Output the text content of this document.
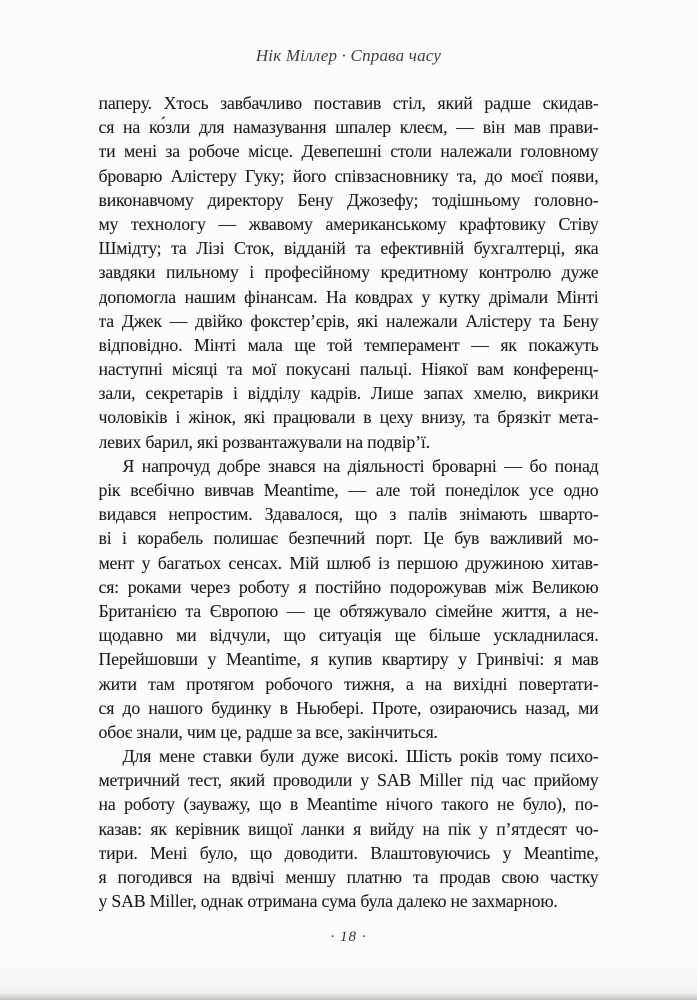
Нік Міллер · Справа часу
паперу. Хтось завбачливо поставив стіл, який радше скидав-
ся на ко́зли для намазування шпалер клеєм, — він мав прави-
ти мені за робоче місце. Девепешні столи належали головному
броварю Алістеру Гуку; його співзасновнику та, до моєї появи,
виконавчому директору Бену Джозефу; тодішньому головно-
му технологу — жвавому американському крафтовику Стіву
Шмідту; та Лізі Сток, відданій та ефективній бухгалтерці, яка
завдяки пильному і професійному кредитному контролю дуже
допомогла нашим фінансам. На ковдрах у кутку дрімали Мінті
та Джек — двійко фокстер’єрів, які належали Алістеру та Бену
відповідно. Мінті мала ще той темперамент — як покажуть
наступні місяці та мої покусані пальці. Ніякої вам конференц-
зали, секретарів і відділу кадрів. Лише запах хмелю, викрики
чоловіків і жінок, які працювали в цеху внизу, та брязкіт мета-
левих барил, які розвантажували на подвір’ї.
Я напрочуд добре знався на діяльності броварні — бо понад
рік всебічно вивчав Meantime, — але той понеділок усе одно
видався непростим. Здавалося, що з палів знімають шварто-
ві і корабель полишає безпечний порт. Це був важливий мо-
мент у багатьох сенсах. Мій шлюб із першою дружиною хитав-
ся: роками через роботу я постійно подорожував між Великою
Британією та Європою — це обтяжувало сімейне життя, а не-
щодавно ми відчули, що ситуація ще більше ускладнилася.
Перейшовши у Meantime, я купив квартиру у Гринвічі: я мав
жити там протягом робочого тижня, а на вихідні повертати-
ся до нашого будинку в Ньюбері. Проте, озираючись назад, ми
обоє знали, чим це, радше за все, закінчиться.
Для мене ставки були дуже високі. Шість років тому психо-
метричний тест, який проводили у SAB Miller під час прийому
на роботу (зауважу, що в Meantime нічого такого не було), по-
казав: як керівник вищої ланки я вийду на пік у п’ятдесят чо-
тири. Мені було, що доводити. Влаштовуючись у Meantime,
я погодився на вдвічі меншу платню та продав свою частку
у SAB Miller, однак отримана сума була далеко не захмарною.
· 18 ·
